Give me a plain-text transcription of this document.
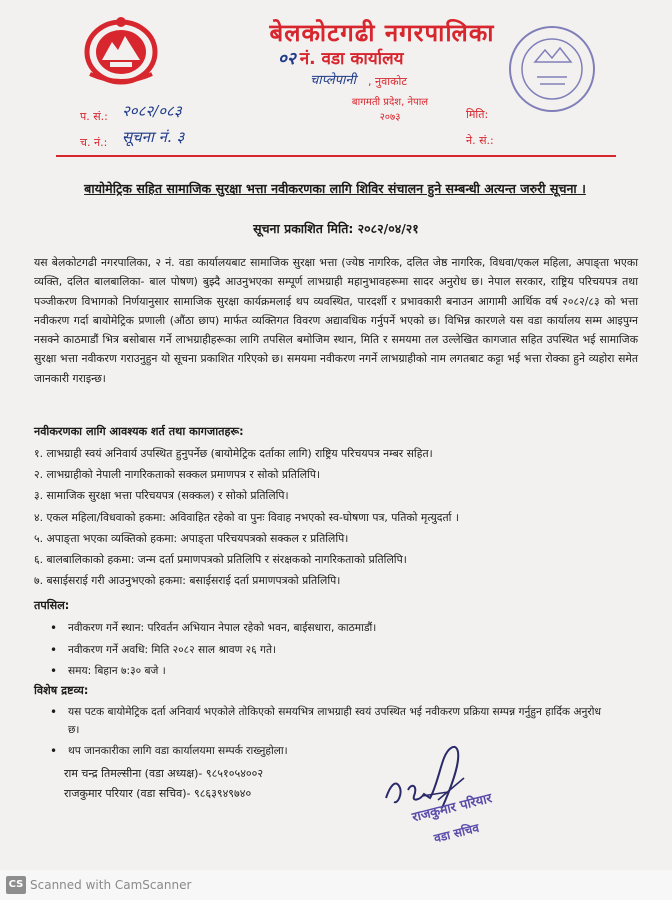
बेलकोटगढी नगरपालिका
०२ नं. वडा कार्यालय
चाप्लेपानी , नुवाकोट
बागमती प्रदेश, नेपाल
२०७३
प. सं.: २०८२/०८३
च. नं.: सूचना नं. ३
मिति:
ने. सं.:
बायोमेट्रिक सहित सामाजिक सुरक्षा भत्ता नवीकरणका लागि शिविर संचालन हुने सम्बन्धी अत्यन्त जरुरी सूचना ।
सूचना प्रकाशित मिति: २०८२/०४/२१
यस बेलकोटगढी नगरपालिका, २ नं. वडा कार्यालयबाट सामाजिक सुरक्षा भत्ता (ज्येष्ठ नागरिक, दलित जेष्ठ नागरिक, विधवा/एकल महिला, अपाङ्ता भएका व्यक्ति, दलित बालबालिका- बाल पोषण) बुझ्दै आउनुभएका सम्पूर्ण लाभग्राही महानुभावहरूमा सादर अनुरोध छ। नेपाल सरकार, राष्ट्रिय परिचयपत्र तथा पञ्जीकरण विभागको निर्णयानुसार सामाजिक सुरक्षा कार्यक्रमलाई थप व्यवस्थित, पारदर्शी र प्रभावकारी बनाउन आगामी आर्थिक वर्ष २०८२/८३ को भत्ता नवीकरण गर्दा बायोमेट्रिक प्रणाली (औंठा छाप) मार्फत व्यक्तिगत विवरण अद्यावधिक गर्नुपर्ने भएको छ। विभिन्न कारणले यस वडा कार्यालय सम्म आइपुग्न नसक्ने काठमाडौं भित्र बसोबास गर्ने लाभग्राहीहरूका लागि तपसिल बमोजिम स्थान, मिति र समयमा तल उल्लेखित कागजात सहित उपस्थित भई सामाजिक सुरक्षा भत्ता नवीकरण गराउनुहुन यो सूचना प्रकाशित गरिएको छ। समयमा नवीकरण नगर्ने लाभग्राहीको नाम लगतबाट कट्टा भई भत्ता रोक्का हुने व्यहोरा समेत जानकारी गराइन्छ।
नवीकरणका लागि आवश्यक शर्त तथा कागजातहरू:
१. लाभग्राही स्वयं अनिवार्य उपस्थित हुनुपर्नेछ (बायोमेट्रिक दर्ताका लागि) राष्ट्रिय परिचयपत्र नम्बर सहित।
२. लाभग्राहीको नेपाली नागरिकताको सक्कल प्रमाणपत्र र सोको प्रतिलिपि।
३. सामाजिक सुरक्षा भत्ता परिचयपत्र (सक्कल) र सोको प्रतिलिपि।
४. एकल महिला/विधवाको हकमा: अविवाहित रहेको वा पुनः विवाह नभएको स्व-घोषणा पत्र, पतिको मृत्युदर्ता ।
५. अपाङ्ता भएका व्यक्तिको हकमा: अपाङ्ता परिचयपत्रको सक्कल र प्रतिलिपि।
६. बालबालिकाको हकमा: जन्म दर्ता प्रमाणपत्रको प्रतिलिपि र संरक्षकको नागरिकताको प्रतिलिपि।
७. बसाईसराई गरी आउनुभएको हकमा: बसाईसराई दर्ता प्रमाणपत्रको प्रतिलिपि।
तपसिल:
• नवीकरण गर्ने स्थान: परिवर्तन अभियान नेपाल रहेको भवन, बाईसधारा, काठमाडौं।
• नवीकरण गर्ने अवधि: मिति २०८२ साल श्रावण २६ गते।
• समय: बिहान ७:३० बजे ।
विशेष द्रष्टव्य:
• यस पटक बायोमेट्रिक दर्ता अनिवार्य भएकोले तोकिएको समयभित्र लाभग्राही स्वयं उपस्थित भई नवीकरण प्रक्रिया सम्पन्न गर्नुहुन हार्दिक अनुरोध छ।
• थप जानकारीका लागि वडा कार्यालयमा सम्पर्क राख्नुहोला।
राम चन्द्र तिमल्सीना (वडा अध्यक्ष)- ९८५१०५४००२
राजकुमार परियार (वडा सचिव)- ९८६३९४९७४०	राजकुमार परियार
वडा सचिव
CS Scanned with CamScanner
